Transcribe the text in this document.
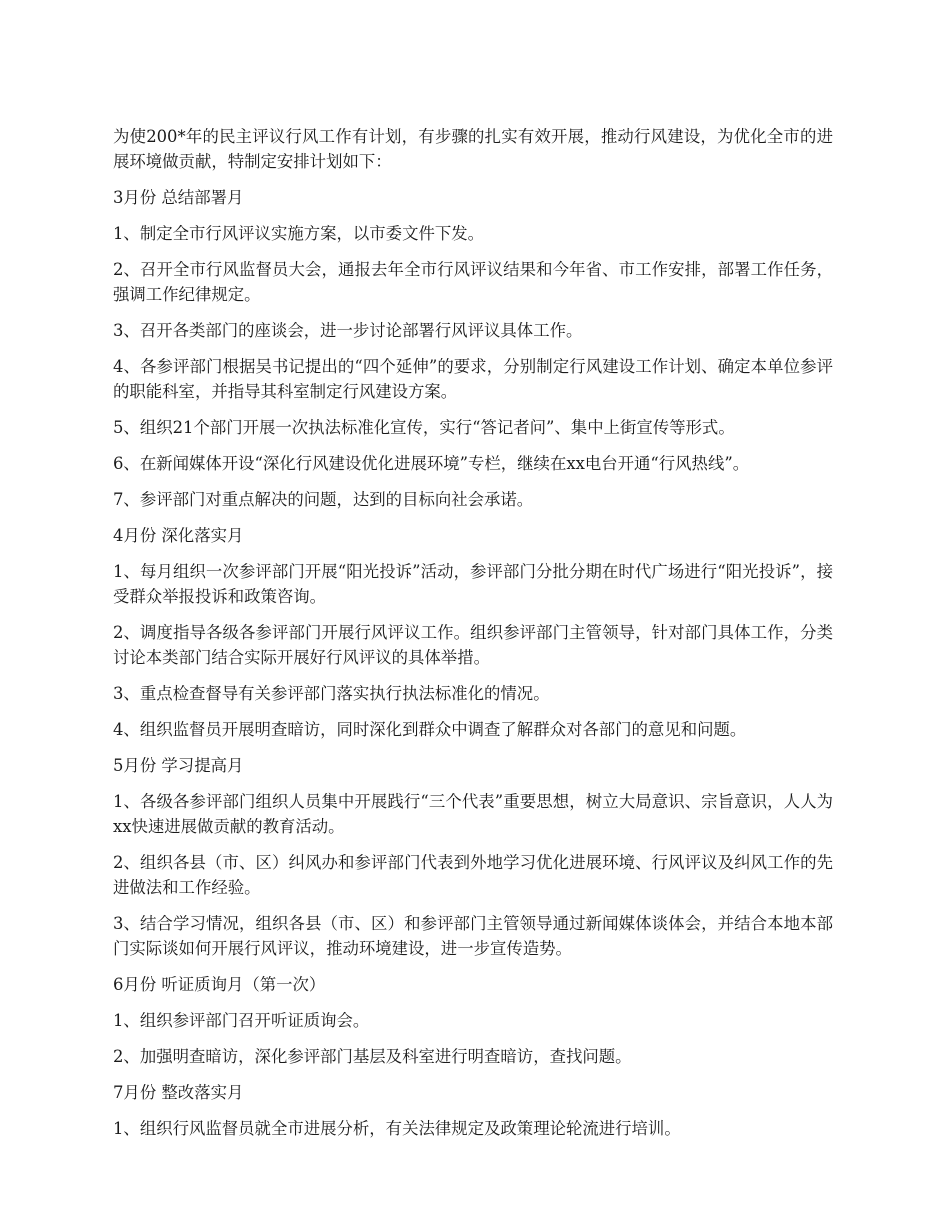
为使200*年的民主评议行风工作有计划，有步骤的扎实有效开展，推动行风建设，为优化全市的进展环境做贡献，特制定安排计划如下：

3月份 总结部署月

1、制定全市行风评议实施方案，以市委文件下发。

2、召开全市行风监督员大会，通报去年全市行风评议结果和今年省、市工作安排，部署工作任务，强调工作纪律规定。

3、召开各类部门的座谈会，进一步讨论部署行风评议具体工作。

4、各参评部门根据吴书记提出的“四个延伸”的要求，分别制定行风建设工作计划、确定本单位参评的职能科室，并指导其科室制定行风建设方案。

5、组织21个部门开展一次执法标准化宣传，实行“答记者问”、集中上街宣传等形式。

6、在新闻媒体开设“深化行风建设优化进展环境”专栏，继续在xx电台开通“行风热线”。

7、参评部门对重点解决的问题，达到的目标向社会承诺。

4月份 深化落实月

1、每月组织一次参评部门开展“阳光投诉”活动，参评部门分批分期在时代广场进行“阳光投诉”，接受群众举报投诉和政策咨询。

2、调度指导各级各参评部门开展行风评议工作。组织参评部门主管领导，针对部门具体工作，分类讨论本类部门结合实际开展好行风评议的具体举措。

3、重点检查督导有关参评部门落实执行执法标准化的情况。

4、组织监督员开展明查暗访，同时深化到群众中调查了解群众对各部门的意见和问题。

5月份 学习提高月

1、各级各参评部门组织人员集中开展践行“三个代表”重要思想，树立大局意识、宗旨意识，人人为xx快速进展做贡献的教育活动。

2、组织各县（市、区）纠风办和参评部门代表到外地学习优化进展环境、行风评议及纠风工作的先进做法和工作经验。

3、结合学习情况，组织各县（市、区）和参评部门主管领导通过新闻媒体谈体会，并结合本地本部门实际谈如何开展行风评议，推动环境建设，进一步宣传造势。

6月份 听证质询月（第一次）

1、组织参评部门召开听证质询会。

2、加强明查暗访，深化参评部门基层及科室进行明查暗访，查找问题。

7月份 整改落实月

1、组织行风监督员就全市进展分析，有关法律规定及政策理论轮流进行培训。
